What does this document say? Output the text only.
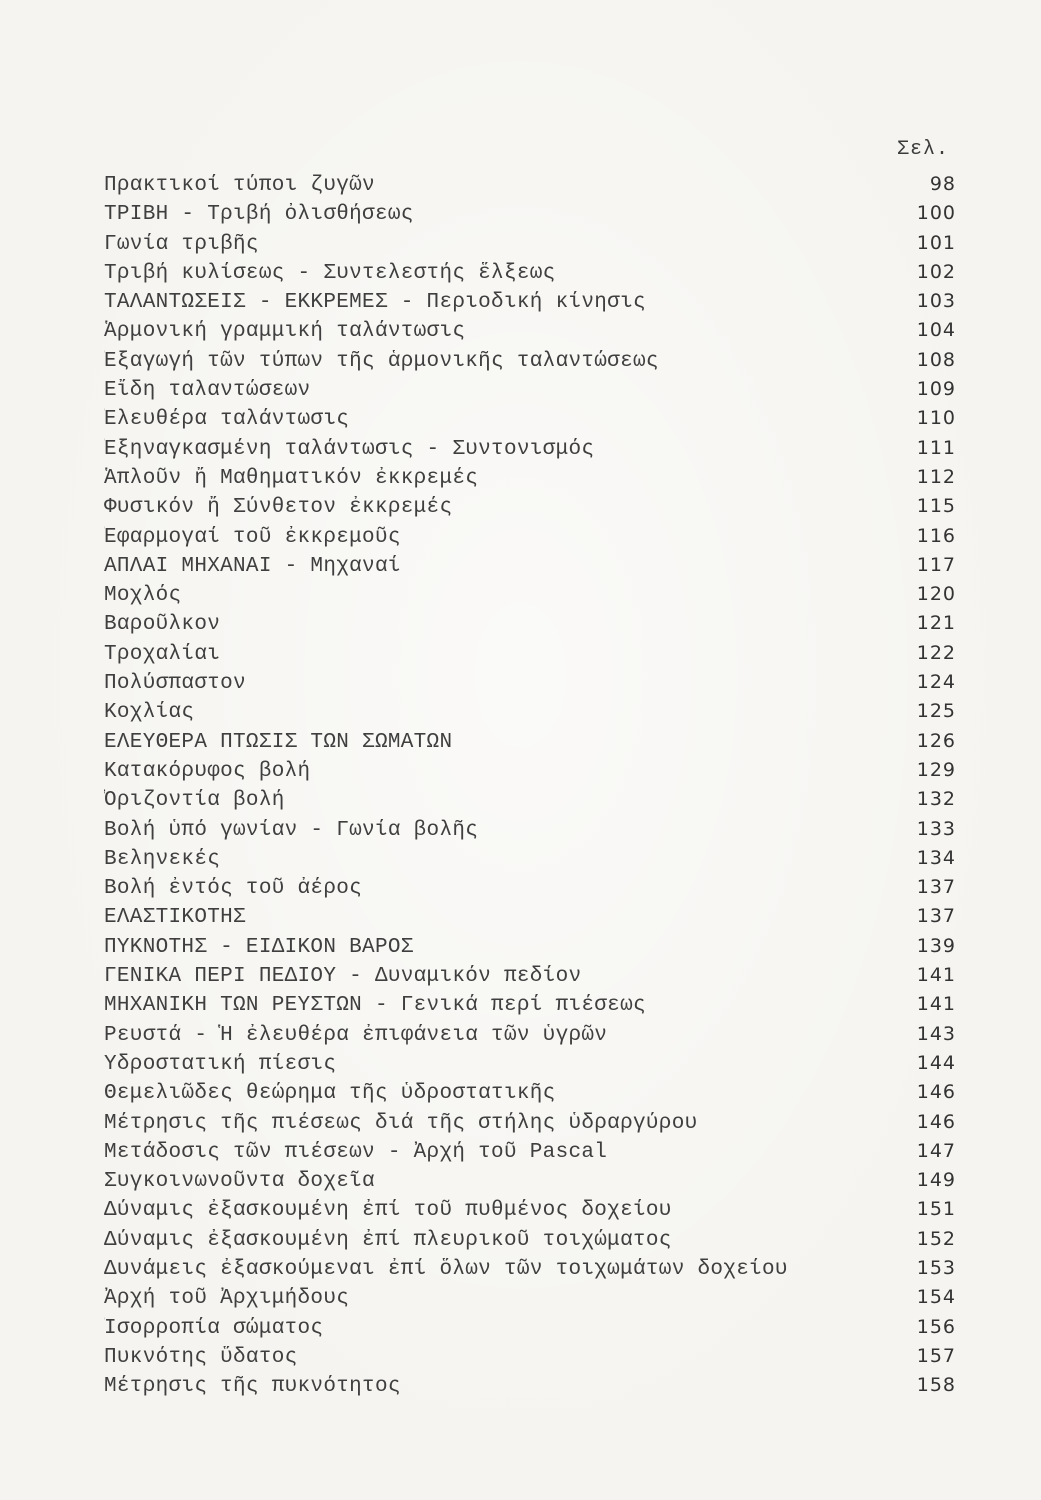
Σελ.
Πρακτικοί τύποι ζυγῶν	98
ΤΡΙΒΗ - Τριβή ὀλισθήσεως	100
Γωνία τριβῆς	101
Τριβή κυλίσεως - Συντελεστής ἕλξεως	102
ΤΑΛΑΝΤΩΣΕΙΣ - ΕΚΚΡΕΜΕΣ - Περιοδική κίνησις	103
Ἁρμονική γραμμική ταλάντωσις	104
Ἐξαγωγή τῶν τύπων τῆς ἁρμονικῆς ταλαντώσεως	108
Εἴδη ταλαντώσεων	109
Ἐλευθέρα ταλάντωσις	110
Ἐξηναγκασμένη ταλάντωσις - Συντονισμός	111
Ἁπλοῦν ἤ Μαθηματικόν ἐκκρεμές	112
Φυσικόν ἤ Σύνθετον ἐκκρεμές	115
Ἐφαρμογαί τοῦ ἐκκρεμοῦς	116
ΑΠΛΑΙ ΜΗΧΑΝΑΙ - Μηχαναί	117
Μοχλός	120
Βαροῦλκον	121
Τροχαλίαι	122
Πολύσπαστον	124
Κοχλίας	125
ΕΛΕΥΘΕΡΑ ΠΤΩΣΙΣ ΤΩΝ ΣΩΜΑΤΩΝ	126
Κατακόρυφος βολή	129
Ὁριζοντία βολή	132
Βολή ὑπό γωνίαν - Γωνία βολῆς	133
Βεληνεκές	134
Βολή ἐντός τοῦ ἀέρος	137
ΕΛΑΣΤΙΚΟΤΗΣ	137
ΠΥΚΝΟΤΗΣ - ΕΙΔΙΚΟΝ ΒΑΡΟΣ	139
ΓΕΝΙΚΑ ΠΕΡΙ ΠΕΔΙΟΥ - Δυναμικόν πεδίον	141
ΜΗΧΑΝΙΚΗ ΤΩΝ ΡΕΥΣΤΩΝ - Γενικά περί πιέσεως	141
Ρευστά - Ἡ ἐλευθέρα ἐπιφάνεια τῶν ὑγρῶν	143
Ὑδροστατική πίεσις	144
Θεμελιῶδες θεώρημα τῆς ὑδροστατικῆς	146
Μέτρησις τῆς πιέσεως διά τῆς στήλης ὑδραργύρου	146
Μετάδοσις τῶν πιέσεων - Ἀρχή τοῦ Pascal	147
Συγκοινωνοῦντα δοχεῖα	149
Δύναμις ἐξασκουμένη ἐπί τοῦ πυθμένος δοχείου	151
Δύναμις ἐξασκουμένη ἐπί πλευρικοῦ τοιχώματος	152
Δυνάμεις ἐξασκούμεναι ἐπί ὅλων τῶν τοιχωμάτων δοχείου	153
Ἀρχή τοῦ Ἀρχιμήδους	154
Ἰσορροπία σώματος	156
Πυκνότης ὕδατος	157
Μέτρησις τῆς πυκνότητος	158
